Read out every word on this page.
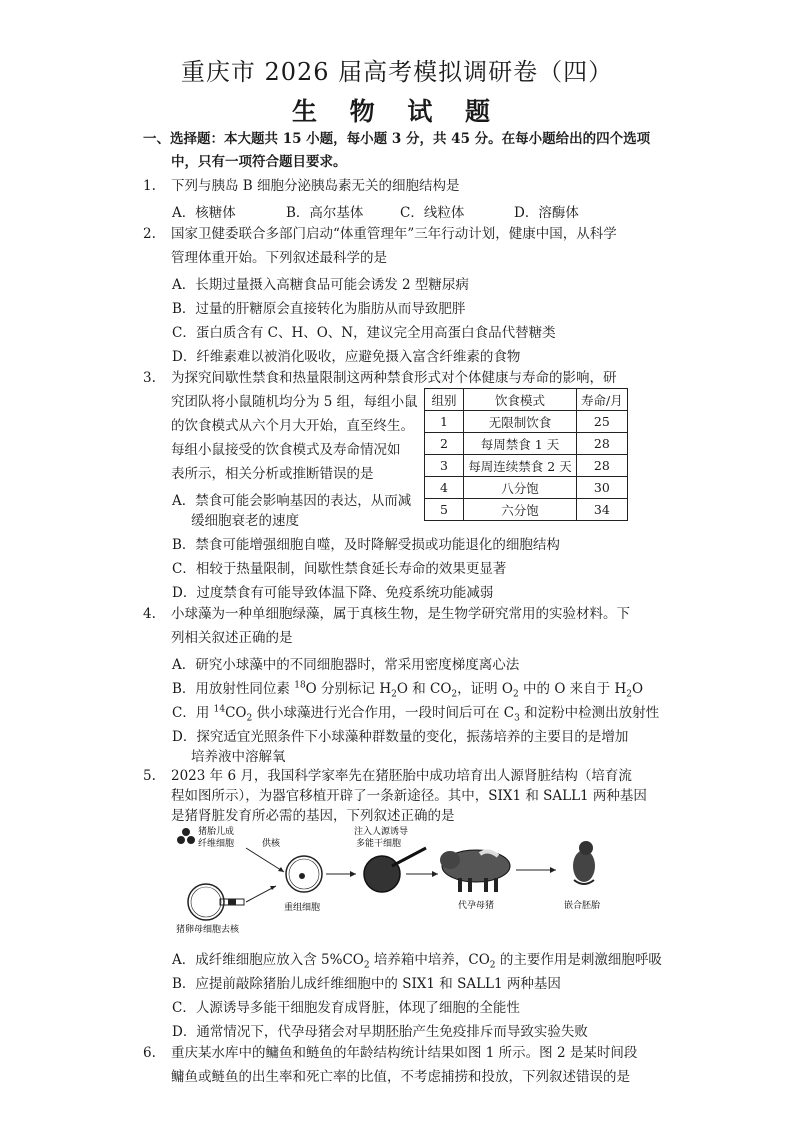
重庆市 2026 届高考模拟调研卷（四）
生 物 试 题
一、选择题：本大题共 15 小题，每小题 3 分，共 45 分。在每小题给出的四个选项
中，只有一项符合题目要求。
1. 下列与胰岛 B 细胞分泌胰岛素无关的细胞结构是
A．核糖体	B．高尔基体	C．线粒体	D．溶酶体
2. 国家卫健委联合多部门启动“体重管理年”三年行动计划，健康中国，从科学
管理体重开始。下列叙述最科学的是
A．长期过量摄入高糖食品可能会诱发 2 型糖尿病
B．过量的肝糖原会直接转化为脂肪从而导致肥胖
C．蛋白质含有 C、H、O、N，建议完全用高蛋白食品代替糖类
D．纤维素难以被消化吸收，应避免摄入富含纤维素的食物
3. 为探究间歇性禁食和热量限制这两种禁食形式对个体健康与寿命的影响，研
究团队将小鼠随机均分为 5 组，每组小鼠
的饮食模式从六个月大开始，直至终生。
每组小鼠接受的饮食模式及寿命情况如
表所示，相关分析或推断错误的是
A．禁食可能会影响基因的表达，从而减
缓细胞衰老的速度
B．禁食可能增强细胞自噬，及时降解受损或功能退化的细胞结构
C．相较于热量限制，间歇性禁食延长寿命的效果更显著
D．过度禁食有可能导致体温下降、免疫系统功能减弱
组别	饮食模式	寿命/月
1	无限制饮食	25
2	每周禁食 1 天	28
3	每周连续禁食 2 天	28
4	八分饱	30
5	六分饱	34
4. 小球藻为一种单细胞绿藻，属于真核生物，是生物学研究常用的实验材料。下
列相关叙述正确的是
A．研究小球藻中的不同细胞器时，常采用密度梯度离心法
B．用放射性同位素 $^{18}$O 分别标记 $H_2O$ 和 $CO_2$，证明 $O_2$ 中的 O 来自于 $H_2O$
C．用 $^{14}CO_2$ 供小球藻进行光合作用，一段时间后可在 $C_3$ 和淀粉中检测出放射性
D．探究适宜光照条件下小球藻种群数量的变化，振荡培养的主要目的是增加
培养液中溶解氧
5. 2023 年 6 月，我国科学家率先在猪胚胎中成功培育出人源肾脏结构（培育流
程如图所示），为器官移植开辟了一条新途径。其中，SIX1 和 SALL1 两种基因
是猪肾脏发育所必需的基因，下列叙述正确的是
猪胎儿成
纤维细胞	供核
猪卵母细胞去核
重组细胞
注入人源诱导
多能干细胞
代孕母猪	嵌合胚胎
A．成纤维细胞应放入含 $5\%CO_2$ 培养箱中培养，$CO_2$ 的主要作用是刺激细胞呼吸
B．应提前敲除猪胎儿成纤维细胞中的 SIX1 和 SALL1 两种基因
C．人源诱导多能干细胞发育成肾脏，体现了细胞的全能性
D．通常情况下，代孕母猪会对早期胚胎产生免疫排斥而导致实验失败
6. 重庆某水库中的鳙鱼和鲢鱼的年龄结构统计结果如图 1 所示。图 2 是某时间段
鳙鱼或鲢鱼的出生率和死亡率的比值，不考虑捕捞和投放，下列叙述错误的是
